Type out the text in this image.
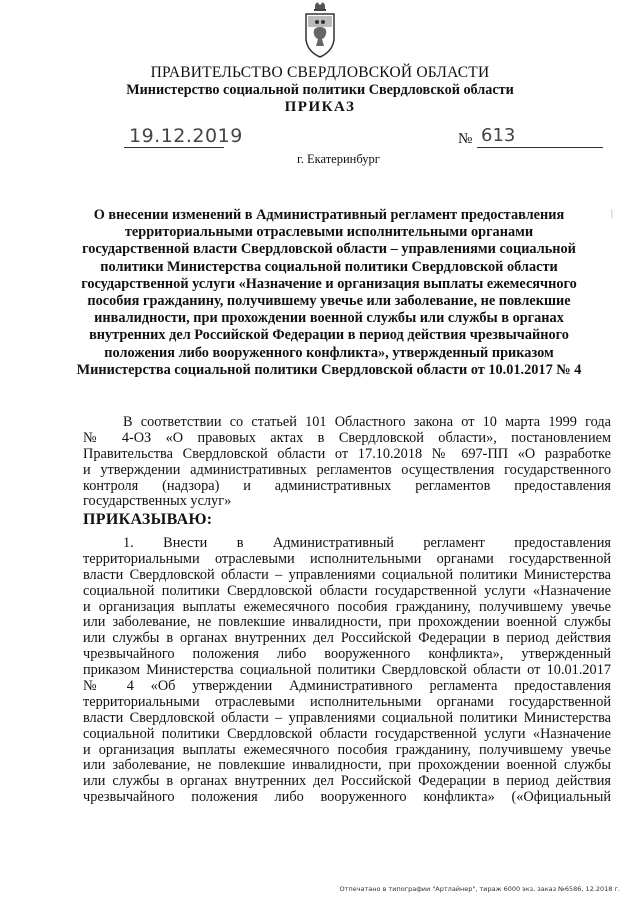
ПРАВИТЕЛЬСТВО СВЕРДЛОВСКОЙ ОБЛАСТИ
Министерство социальной политики Свердловской области
ПРИКАЗ
19.12.2019	№ 613
г. Екатеринбург
|
О внесении изменений в Административный регламент предоставления
территориальными отраслевыми исполнительными органами
государственной власти Свердловской области – управлениями социальной
политики Министерства социальной политики Свердловской области
государственной услуги «Назначение и организация выплаты ежемесячного
пособия гражданину, получившему увечье или заболевание, не повлекшие
инвалидности, при прохождении военной службы или службы в органах
внутренних дел Российской Федерации в период действия чрезвычайного
положения либо вооруженного конфликта», утвержденный приказом
Министерства социальной политики Свердловской области от 10.01.2017 № 4
В соответствии со статьей 101 Областного закона от 10 марта 1999 года
№ 4-ОЗ «О правовых актах в Свердловской области», постановлением
Правительства Свердловской области от 17.10.2018 № 697-ПП «О разработке
и утверждении административных регламентов осуществления государственного
контроля (надзора) и административных регламентов предоставления
государственных услуг»
ПРИКАЗЫВАЮ:
1. Внести в Административный регламент предоставления
территориальными отраслевыми исполнительными органами государственной
власти Свердловской области – управлениями социальной политики Министерства
социальной политики Свердловской области государственной услуги «Назначение
и организация выплаты ежемесячного пособия гражданину, получившему увечье
или заболевание, не повлекшие инвалидности, при прохождении военной службы
или службы в органах внутренних дел Российской Федерации в период действия
чрезвычайного положения либо вооруженного конфликта», утвержденный
приказом Министерства социальной политики Свердловской области от 10.01.2017
№ 4 «Об утверждении Административного регламента предоставления
территориальными отраслевыми исполнительными органами государственной
власти Свердловской области – управлениями социальной политики Министерства
социальной политики Свердловской области государственной услуги «Назначение
и организация выплаты ежемесячного пособия гражданину, получившему увечье
или заболевание, не повлекшие инвалидности, при прохождении военной службы
или службы в органах внутренних дел Российской Федерации в период действия
чрезвычайного положения либо вооруженного конфликта» («Официальный
Отпечатано в типографии "Артлайнер", тираж 6000 экз, заказ №6586, 12.2018 г.
